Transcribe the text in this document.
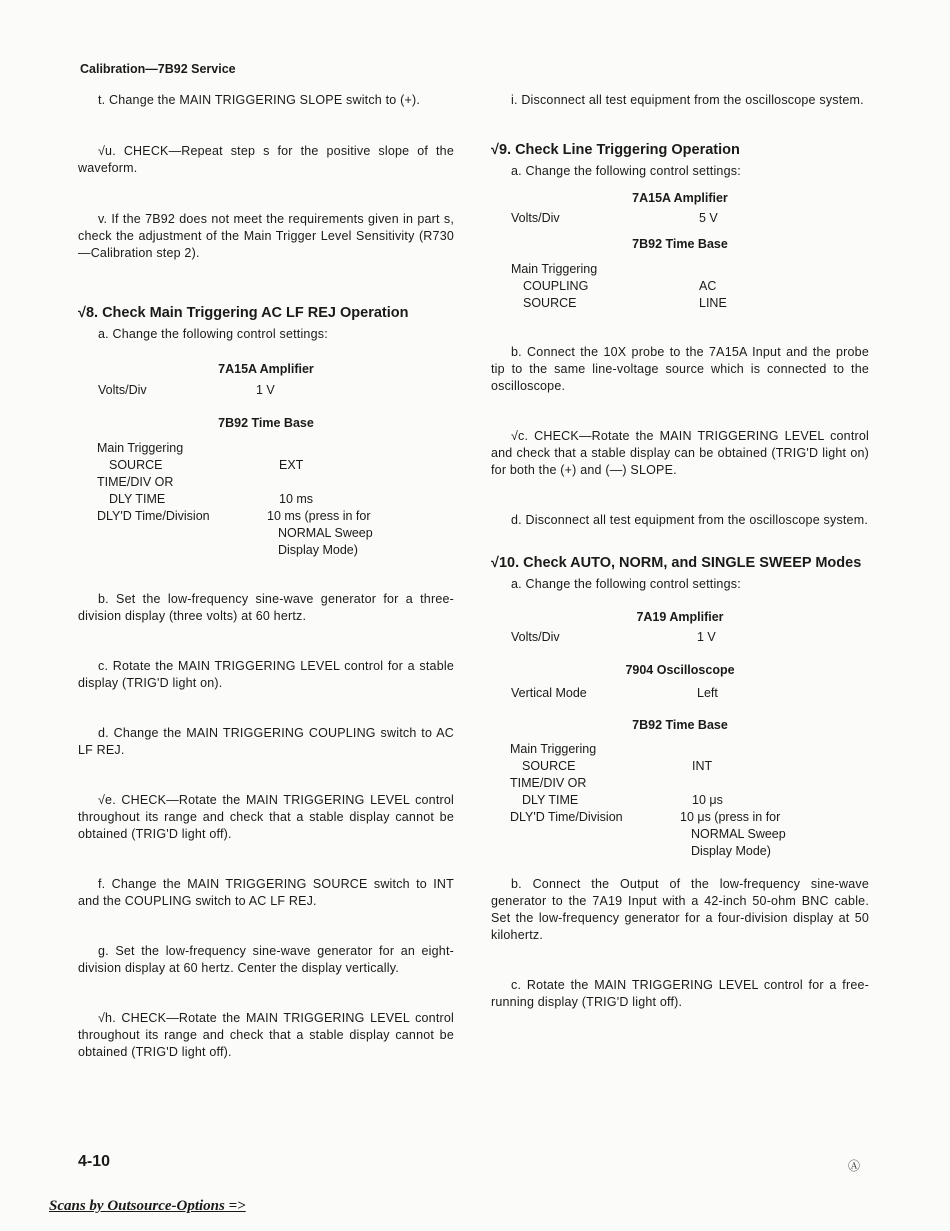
Calibration—7B92 Service

t. Change the MAIN TRIGGERING SLOPE switch to (+).

√u. CHECK—Repeat step s for the positive slope of the waveform.

v. If the 7B92 does not meet the requirements given in part s, check the adjustment of the Main Trigger Level Sensitivity (R730—Calibration step 2).

√8. Check Main Triggering AC LF REJ Operation

a. Change the following control settings:

7A15A Amplifier

Volts/Div	1 V

7B92 Time Base

Main Triggering
SOURCE	EXT
TIME/DIV OR
DLY TIME	10 ms
DLY'D Time/Division	10 ms (press in for
NORMAL Sweep
Display Mode)

b. Set the low-frequency sine-wave generator for a three-division display (three volts) at 60 hertz.

c. Rotate the MAIN TRIGGERING LEVEL control for a stable display (TRIG'D light on).

d. Change the MAIN TRIGGERING COUPLING switch to AC LF REJ.

√e. CHECK—Rotate the MAIN TRIGGERING LEVEL control throughout its range and check that a stable display cannot be obtained (TRIG'D light off).

f. Change the MAIN TRIGGERING SOURCE switch to INT and the COUPLING switch to AC LF REJ.

g. Set the low-frequency sine-wave generator for an eight-division display at 60 hertz. Center the display vertically.

√h. CHECK—Rotate the MAIN TRIGGERING LEVEL control throughout its range and check that a stable display cannot be obtained (TRIG'D light off).

i. Disconnect all test equipment from the oscilloscope system.

√9. Check Line Triggering Operation

a. Change the following control settings:

7A15A Amplifier

Volts/Div	5 V

7B92 Time Base

Main Triggering
COUPLING	AC
SOURCE	LINE

b. Connect the 10X probe to the 7A15A Input and the probe tip to the same line-voltage source which is connected to the oscilloscope.

√c. CHECK—Rotate the MAIN TRIGGERING LEVEL control and check that a stable display can be obtained (TRIG'D light on) for both the (+) and (—) SLOPE.

d. Disconnect all test equipment from the oscilloscope system.

√10. Check AUTO, NORM, and SINGLE SWEEP Modes

a. Change the following control settings:

7A19 Amplifier

Volts/Div	1 V

7904 Oscilloscope

Vertical Mode	Left

7B92 Time Base

Main Triggering
SOURCE	INT
TIME/DIV OR
DLY TIME	10 μs
DLY'D Time/Division	10 μs (press in for
NORMAL Sweep
Display Mode)

b. Connect the Output of the low-frequency sine-wave generator to the 7A19 Input with a 42-inch 50-ohm BNC cable. Set the low-frequency generator for a four-division display at 50 kilohertz.

c. Rotate the MAIN TRIGGERING LEVEL control for a free-running display (TRIG'D light off).

4-10	Ⓐ
Scans by Outsource-Options =>
